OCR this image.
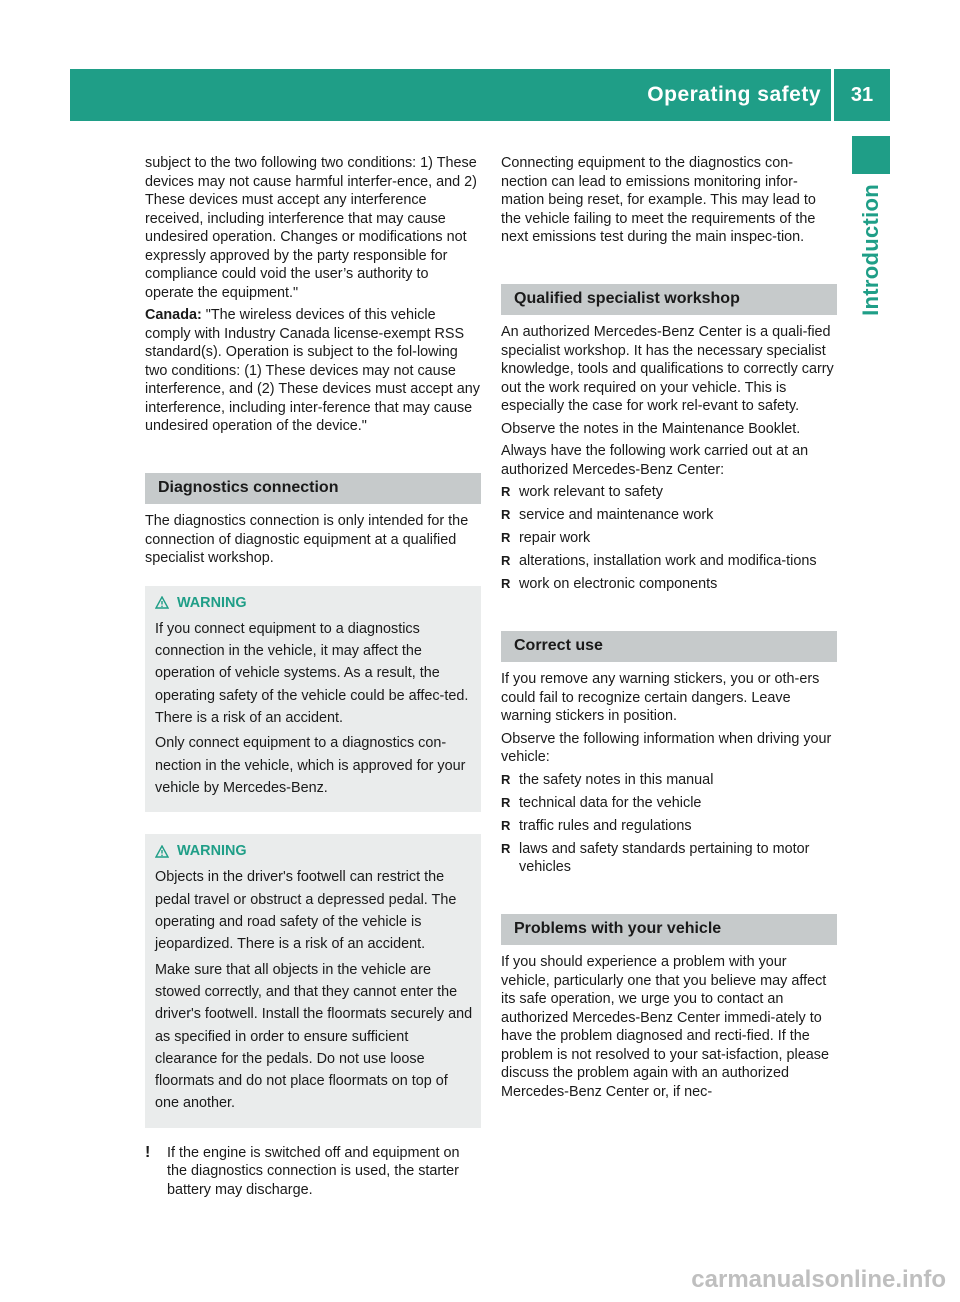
Operating safety	31
Introduction

subject to the two following two conditions: 1) These devices may not cause harmful interfer-ence, and 2) These devices must accept any interference received, including interference that may cause undesired operation. Changes or modifications not expressly approved by the party responsible for compliance could void the user’s authority to operate the equipment."

Canada: "The wireless devices of this vehicle comply with Industry Canada license-exempt RSS standard(s). Operation is subject to the fol-lowing two conditions: (1) These devices may not cause interference, and (2) These devices must accept any interference, including inter-ference that may cause undesired operation of the device."

Diagnostics connection

The diagnostics connection is only intended for the connection of diagnostic equipment at a qualified specialist workshop.

WARNING

If you connect equipment to a diagnostics connection in the vehicle, it may affect the operation of vehicle systems. As a result, the operating safety of the vehicle could be affec-ted. There is a risk of an accident.

Only connect equipment to a diagnostics con-nection in the vehicle, which is approved for your vehicle by Mercedes-Benz.

WARNING

Objects in the driver's footwell can restrict the pedal travel or obstruct a depressed pedal. The operating and road safety of the vehicle is jeopardized. There is a risk of an accident.

Make sure that all objects in the vehicle are stowed correctly, and that they cannot enter the driver's footwell. Install the floormats securely and as specified in order to ensure sufficient clearance for the pedals. Do not use loose floormats and do not place floormats on top of one another.

!	If the engine is switched off and equipment on the diagnostics connection is used, the starter battery may discharge.

Connecting equipment to the diagnostics con-nection can lead to emissions monitoring infor-mation being reset, for example. This may lead to the vehicle failing to meet the requirements of the next emissions test during the main inspec-tion.

Qualified specialist workshop

An authorized Mercedes-Benz Center is a quali-fied specialist workshop. It has the necessary specialist knowledge, tools and qualifications to correctly carry out the work required on your vehicle. This is especially the case for work rel-evant to safety.

Observe the notes in the Maintenance Booklet.

Always have the following work carried out at an authorized Mercedes-Benz Center:

R work relevant to safety
R service and maintenance work
R repair work
R alterations, installation work and modifica-tions
R work on electronic components
Correct use

If you remove any warning stickers, you or oth-ers could fail to recognize certain dangers. Leave warning stickers in position.

Observe the following information when driving your vehicle:

R the safety notes in this manual
R technical data for the vehicle
R traffic rules and regulations
R laws and safety standards pertaining to motor vehicles
Problems with your vehicle

If you should experience a problem with your vehicle, particularly one that you believe may affect its safe operation, we urge you to contact an authorized Mercedes-Benz Center immedi-ately to have the problem diagnosed and recti-fied. If the problem is not resolved to your sat-isfaction, please discuss the problem again with an authorized Mercedes-Benz Center or, if nec-

carmanualsonline.info
